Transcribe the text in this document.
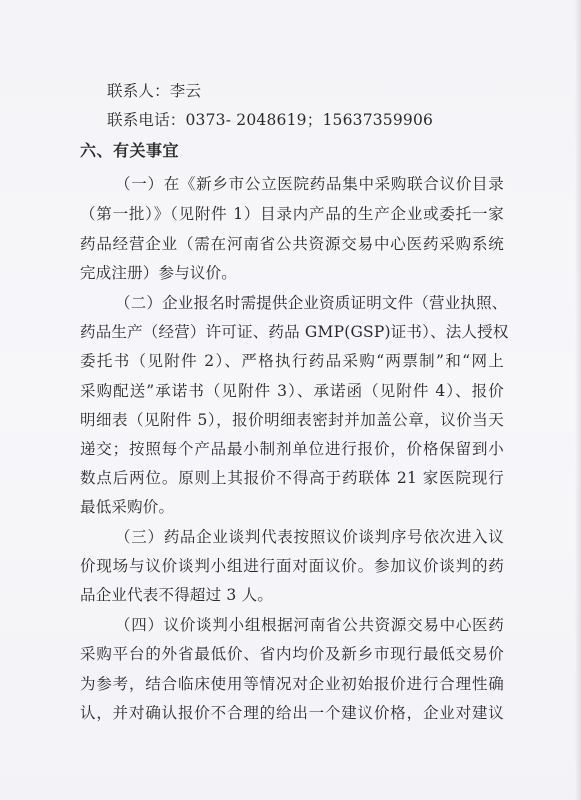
联系人：李云
联系电话：0373- 2048619；15637359906
六、有关事宜
（一）在《新乡市公立医院药品集中采购联合议价目录
（第一批）》（见附件 1）目录内产品的生产企业或委托一家
药品经营企业（需在河南省公共资源交易中心医药采购系统
完成注册）参与议价。
（二）企业报名时需提供企业资质证明文件（营业执照、
药品生产（经营）许可证、药品 GMP(GSP)证书）、法人授权
委托书（见附件 2）、严格执行药品采购“两票制”和“网上
采购配送”承诺书（见附件 3）、承诺函（见附件 4）、报价
明细表（见附件 5），报价明细表密封并加盖公章，议价当天
递交；按照每个产品最小制剂单位进行报价，价格保留到小
数点后两位。原则上其报价不得高于药联体 21 家医院现行
最低采购价。
（三）药品企业谈判代表按照议价谈判序号依次进入议
价现场与议价谈判小组进行面对面议价。参加议价谈判的药
品企业代表不得超过 3 人。
（四）议价谈判小组根据河南省公共资源交易中心医药
采购平台的外省最低价、省内均价及新乡市现行最低交易价
为参考，结合临床使用等情况对企业初始报价进行合理性确
认，并对确认报价不合理的给出一个建议价格，企业对建议
